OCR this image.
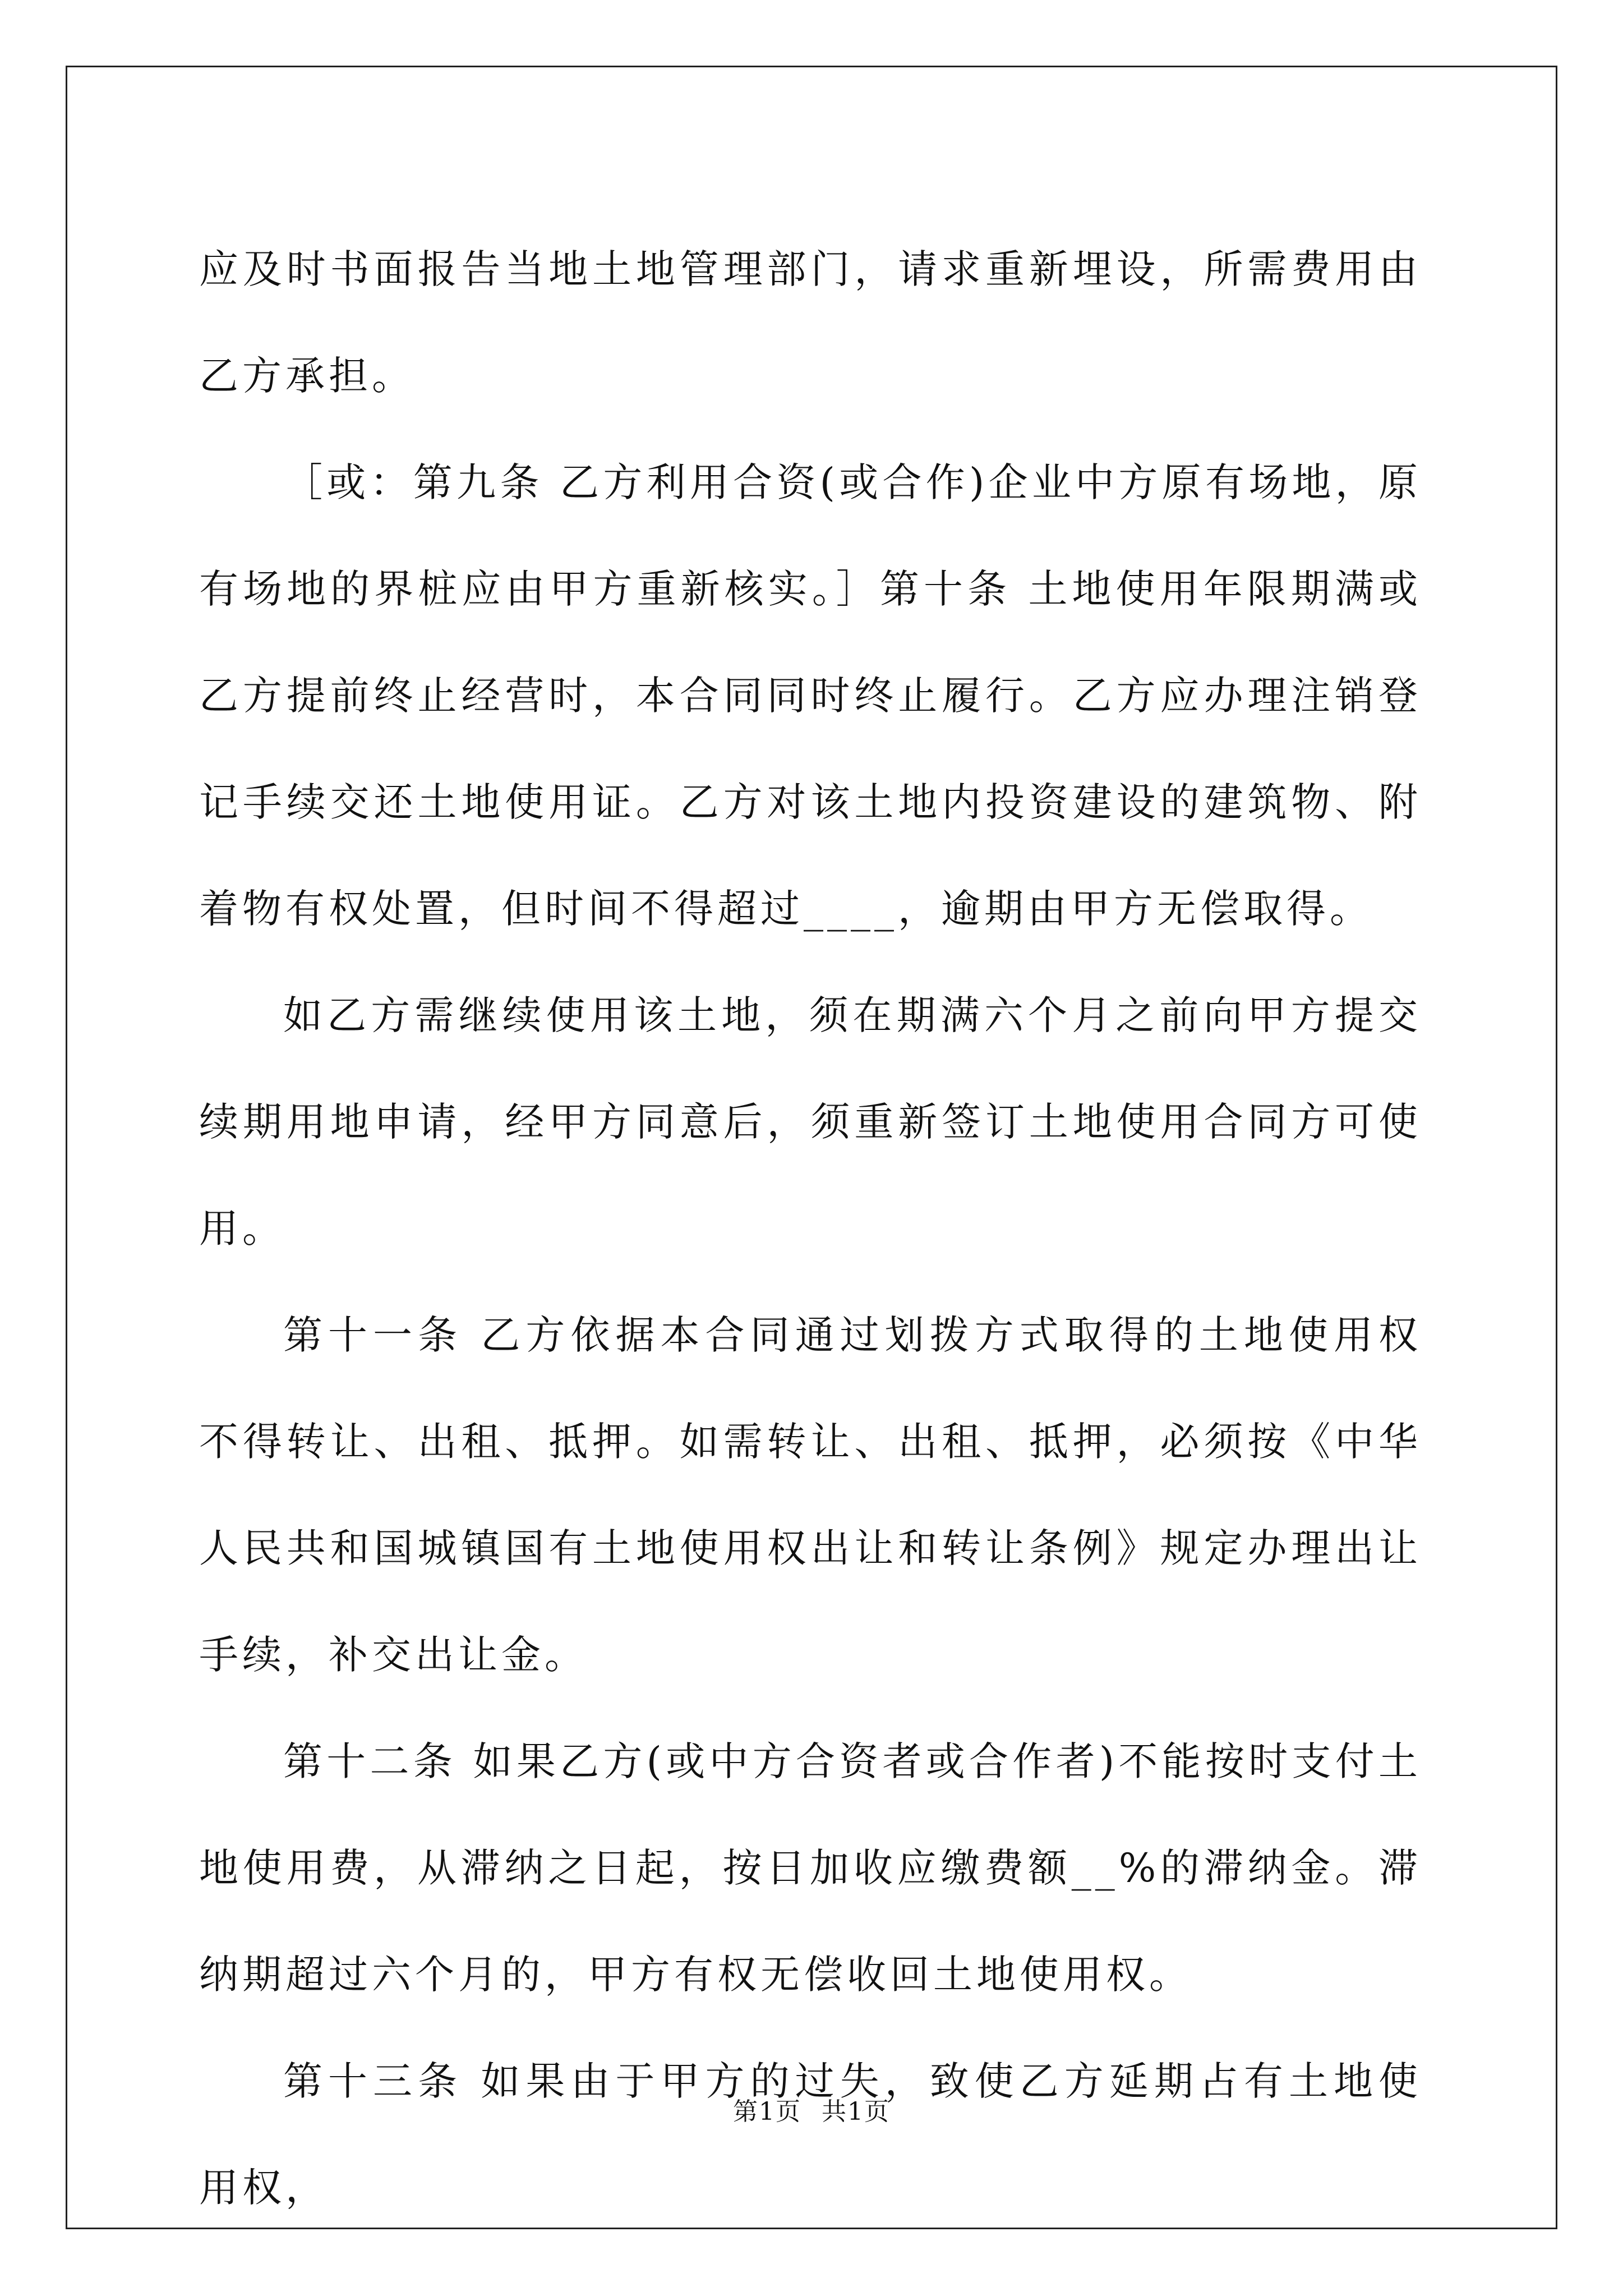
应及时书面报告当地土地管理部门，请求重新埋设，所需费用由乙方承担。

［或：第九条 乙方利用合资(或合作)企业中方原有场地，原有场地的界桩应由甲方重新核实。］第十条 土地使用年限期满或乙方提前终止经营时，本合同同时终止履行。乙方应办理注销登记手续交还土地使用证。乙方对该土地内投资建设的建筑物、附着物有权处置，但时间不得超过____，逾期由甲方无偿取得。

如乙方需继续使用该土地，须在期满六个月之前向甲方提交续期用地申请，经甲方同意后，须重新签订土地使用合同方可使用。

第十一条 乙方依据本合同通过划拨方式取得的土地使用权不得转让、出租、抵押。如需转让、出租、抵押，必须按《中华人民共和国城镇国有土地使用权出让和转让条例》规定办理出让手续，补交出让金。

第十二条 如果乙方(或中方合资者或合作者)不能按时支付土地使用费，从滞纳之日起，按日加收应缴费额__%的滞纳金。滞纳期超过六个月的，甲方有权无偿收回土地使用权。

第十三条 如果由于甲方的过失，致使乙方延期占有土地使用权，

第1页 共1页
